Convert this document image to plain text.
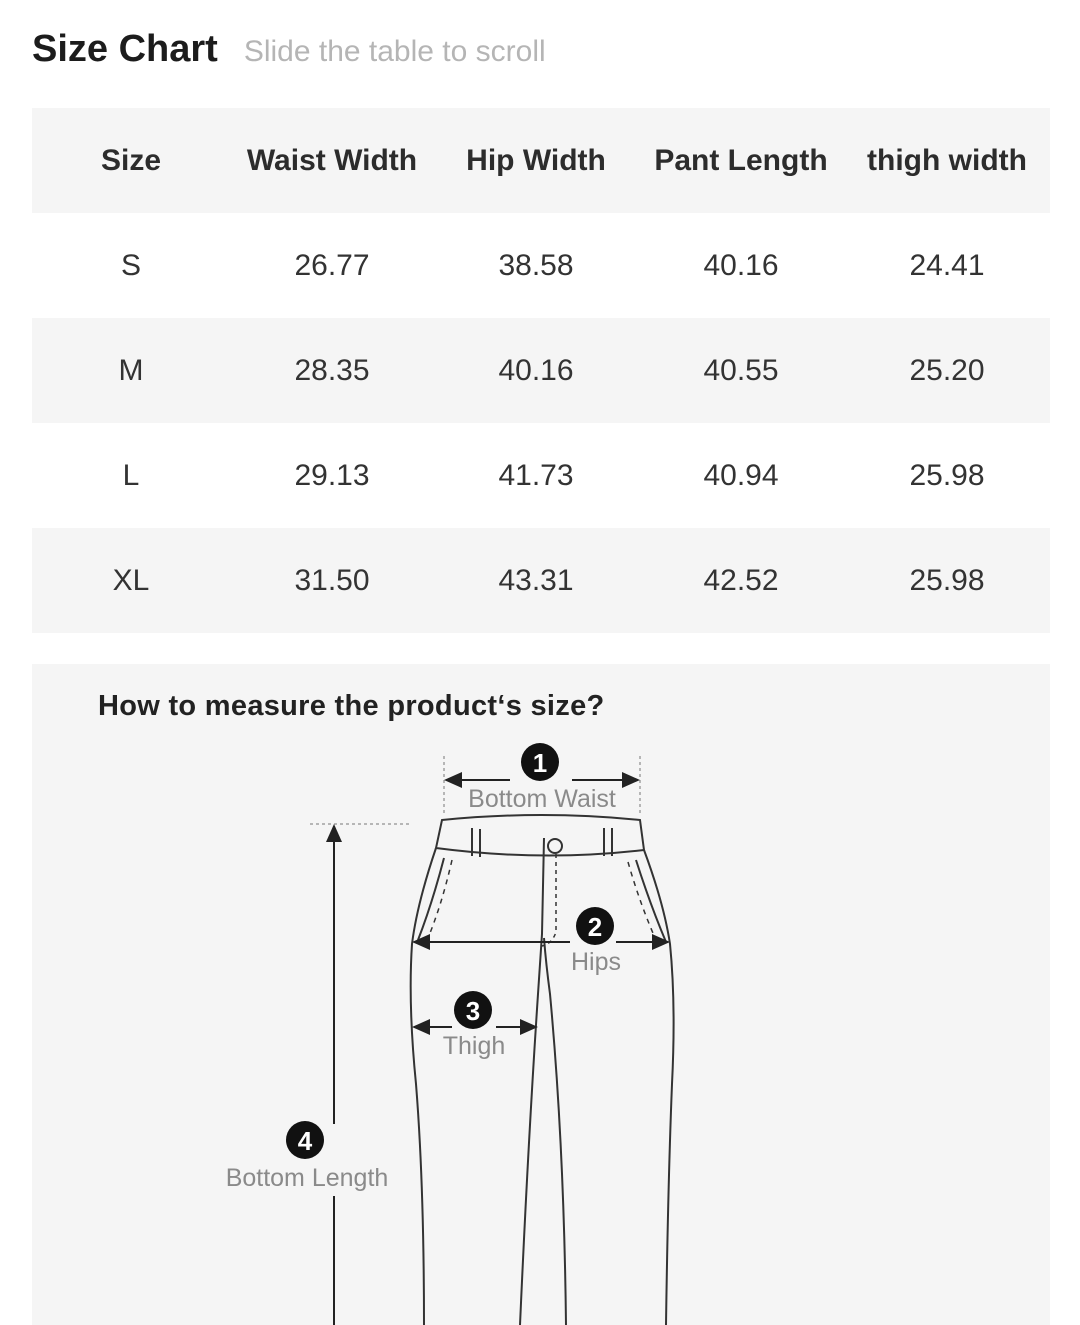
Size Chart Slide the table to scroll
Size	Waist Width	Hip Width	Pant Length	thigh width
S	26.77	38.58	40.16	24.41
M	28.35	40.16	40.55	25.20
L	29.13	41.73	40.94	25.98
XL	31.50	43.31	42.52	25.98
How to measure the product‘s size?
1
Bottom Waist
2
Hips
3
Thigh
4
Bottom Length
